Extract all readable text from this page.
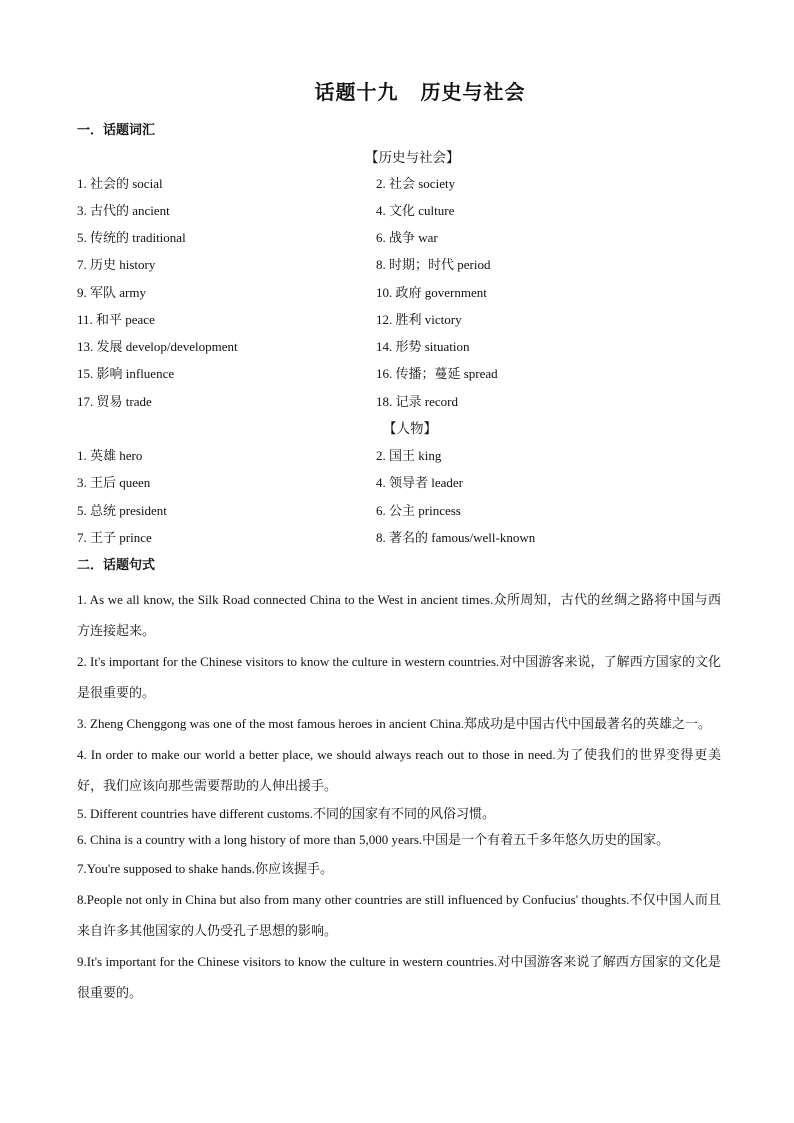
话题十九 历史与社会
一．话题词汇
【历史与社会】
1. 社会的 social	2. 社会 society
3. 古代的 ancient	4. 文化 culture
5. 传统的 traditional	6. 战争 war
7. 历史 history	8. 时期；时代 period
9. 军队 army	10. 政府 government
11. 和平 peace	12. 胜利 victory
13. 发展 develop/development	14. 形势 situation
15. 影响 influence	16. 传播；蔓延 spread
17. 贸易 trade	18. 记录 record
【人物】
1. 英雄 hero	2. 国王 king
3. 王后 queen	4. 领导者 leader
5. 总统 president	6. 公主 princess
7. 王子 prince	8. 著名的 famous/well-known
二．话题句式

1. As we all know, the Silk Road connected China to the West in ancient times.众所周知，古代的丝绸之路将中国与西方连接起来。

2. It's important for the Chinese visitors to know the culture in western countries.对中国游客来说，了解西方国家的文化是很重要的。

3. Zheng Chenggong was one of the most famous heroes in ancient China.郑成功是中国古代中国最著名的英雄之一。

4. In order to make our world a better place, we should always reach out to those in need.为了使我们的世界变得更美好，我们应该向那些需要帮助的人伸出援手。

5. Different countries have different customs.不同的国家有不同的风俗习惯。

6. China is a country with a long history of more than 5,000 years.中国是一个有着五千多年悠久历史的国家。

7.You're supposed to shake hands.你应该握手。

8.People not only in China but also from many other countries are still influenced by Confucius' thoughts.不仅中国人而且来自许多其他国家的人仍受孔子思想的影响。

9.It's important for the Chinese visitors to know the culture in western countries.对中国游客来说了解西方国家的文化是很重要的。
